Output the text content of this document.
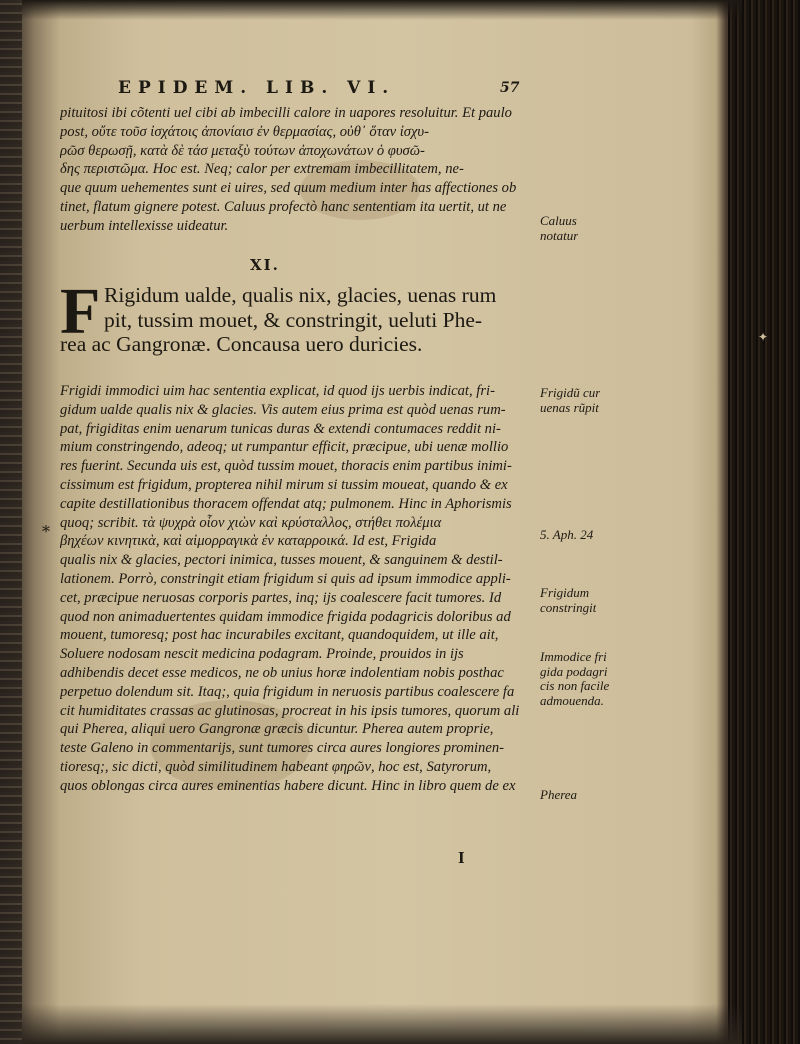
EPIDEM. LIB. VI.	57
pituitosi ibi cõtenti uel cibi ab imbecilli calore in uapores resoluitur. Et paulo
post, οὔτε τοῦσ ἰσχάτοις ἀπονίαισ ἐν θερμασίας, οὐθ᾿ ὅταν ἰσχυ-
ρῶσ θερωσῇ, κατὰ δὲ τάσ μεταξὺ τούτων ἀποχωνάτων ὁ φυσῶ-
δης περιστῶμα. Hoc est. Neq; calor per extremam imbecillitatem, ne-
que quum uehementes sunt ei uires, sed quum medium inter has affectiones ob
tinet, flatum gignere potest. Caluus profectò hanc sententiam ita uertit, ut ne
uerbum intellexisse uideatur.	Caluus
notatur
XI.
F Rigidum ualde, qualis nix, glacies, uenas rum
pit, tussim mouet, & constringit, ueluti Phe-
rea ac Gangronæ. Concausa uero duricies.	✦
*
Frigidi immodici uim hac sententia explicat, id quod ijs uerbis indicat, fri-
gidum ualde qualis nix & glacies. Vis autem eius prima est quòd uenas rum-
pat, frigiditas enim uenarum tunicas duras & extendi contumaces reddit ni-
mium constringendo, adeoq; ut rumpantur efficit, præcipue, ubi uenæ mollio
res fuerint. Secunda uis est, quòd tussim mouet, thoracis enim partibus inimi-
cissimum est frigidum, propterea nihil mirum si tussim moueat, quando & ex
capite destillationibus thoracem offendat atq; pulmonem. Hinc in Aphorismis
quoq; scribit. τὰ ψυχρὰ οἷον χιὼν καὶ κρύσταλλος, στήθει πολέμια
βηχέων κινητικὰ, καὶ αἱμορραγικὰ ἐν καταρροικά. Id est, Frigida
qualis nix & glacies, pectori inimica, tusses mouent, & sanguinem & destil-
lationem. Porrò, constringit etiam frigidum si quis ad ipsum immodice appli-
cet, præcipue neruosas corporis partes, inq; ijs coalescere facit tumores. Id
quod non animaduertentes quidam immodice frigida podagricis doloribus ad
mouent, tumoresq; post hac incurabiles excitant, quandoquidem, ut ille ait,
Soluere nodosam nescit medicina podagram. Proinde, prouidos in ijs
adhibendis decet esse medicos, ne ob unius horæ indolentiam nobis posthac
perpetuo dolendum sit. Itaq;, quia frigidum in neruosis partibus coalescere fa
cit humiditates crassas ac glutinosas, procreat in his ipsis tumores, quorum ali
qui Pherea, aliqui uero Gangronæ græcis dicuntur. Pherea autem proprie,
teste Galeno in commentarijs, sunt tumores circa aures longiores prominen-
tioresq;, sic dicti, quòd similitudinem habeant φηρῶν, hoc est, Satyrorum,
quos oblongas circa aures eminentias habere dicunt. Hinc in libro quem de ex
Frigidũ cur
uenas rũpit
5. Aph. 24
Frigidum
constringit
Immodice fri
gida podagri
cis non facile
admouenda.
Pherea
I
